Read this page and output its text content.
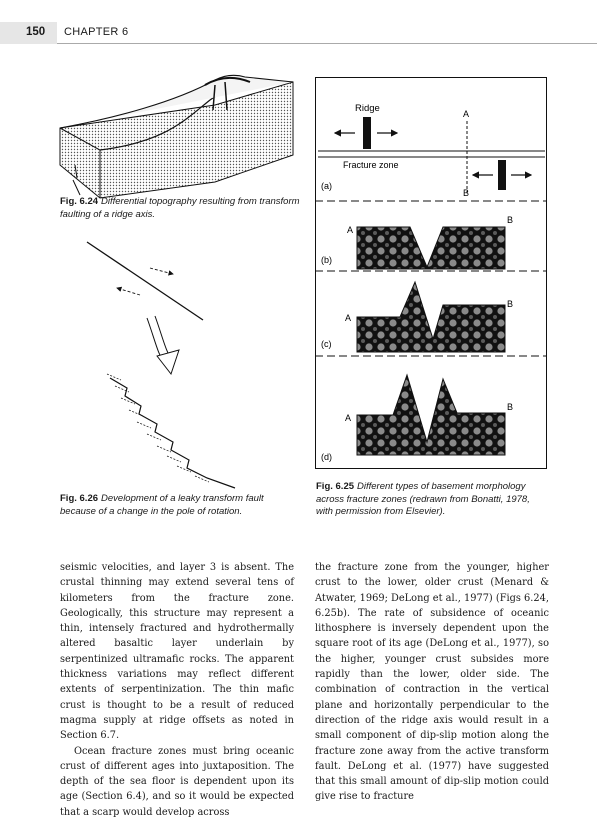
150 CHAPTER 6
Fig. 6.24 Differential topography resulting from transform faulting of a ridge axis.
Ridge	A
Fracture zone
(a)
B
A
B
(b)
A
B
(c)
A
B
(d)
Fig. 6.25 Different types of basement morphology across fracture zones (redrawn from Bonatti, 1978, with permission from Elsevier).
Fig. 6.26 Development of a leaky transform fault because of a change in the pole of rotation.

seismic velocities, and layer 3 is absent. The crustal thinning may extend several tens of kilometers from the fracture zone. Geologically, this structure may represent a thin, intensely fractured and hydrothermally altered basaltic layer underlain by serpentinized ultramafic rocks. The apparent thickness variations may reflect different extents of serpentinization. The thin mafic crust is thought to be a result of reduced magma supply at ridge offsets as noted in Section 6.7.

Ocean fracture zones must bring oceanic crust of different ages into juxtaposition. The depth of the sea floor is dependent upon its age (Section 6.4), and so it would be expected that a scarp would develop across

the fracture zone from the younger, higher crust to the lower, older crust (Menard & Atwater, 1969; DeLong et al., 1977) (Figs 6.24, 6.25b). The rate of subsidence of oceanic lithosphere is inversely dependent upon the square root of its age (DeLong et al., 1977), so the higher, younger crust subsides more rapidly than the lower, older side. The combination of contraction in the vertical plane and horizontally perpendicular to the direction of the ridge axis would result in a small component of dip-slip motion along the fracture zone away from the active transform fault. DeLong et al. (1977) have suggested that this small amount of dip-slip motion could give rise to fracture
